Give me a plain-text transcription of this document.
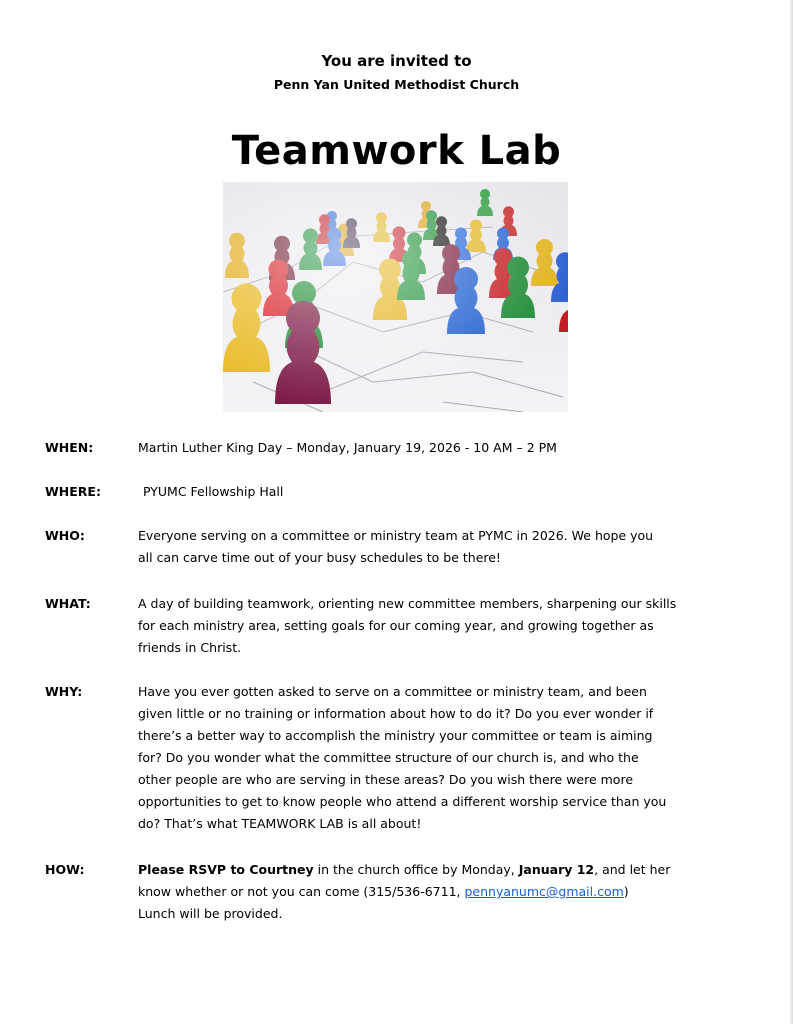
You are invited to
Penn Yan United Methodist Church
Teamwork Lab
WHEN:	Martin Luther King Day – Monday, January 19, 2026 - 10 AM – 2 PM
WHERE:	PYUMC Fellowship Hall
WHO:	Everyone serving on a committee or ministry team at PYMC in 2026. We hope you
all can carve time out of your busy schedules to be there!
WHAT:	A day of building teamwork, orienting new committee members, sharpening our skills
for each ministry area, setting goals for our coming year, and growing together as
friends in Christ.
WHY:	Have you ever gotten asked to serve on a committee or ministry team, and been
given little or no training or information about how to do it? Do you ever wonder if
there’s a better way to accomplish the ministry your committee or team is aiming
for? Do you wonder what the committee structure of our church is, and who the
other people are who are serving in these areas? Do you wish there were more
opportunities to get to know people who attend a different worship service than you
do? That’s what TEAMWORK LAB is all about!
HOW:	Please RSVP to Courtney in the church office by Monday, January 12, and let her
know whether or not you can come (315/536-6711, pennyanumc@gmail.com)
Lunch will be provided.
